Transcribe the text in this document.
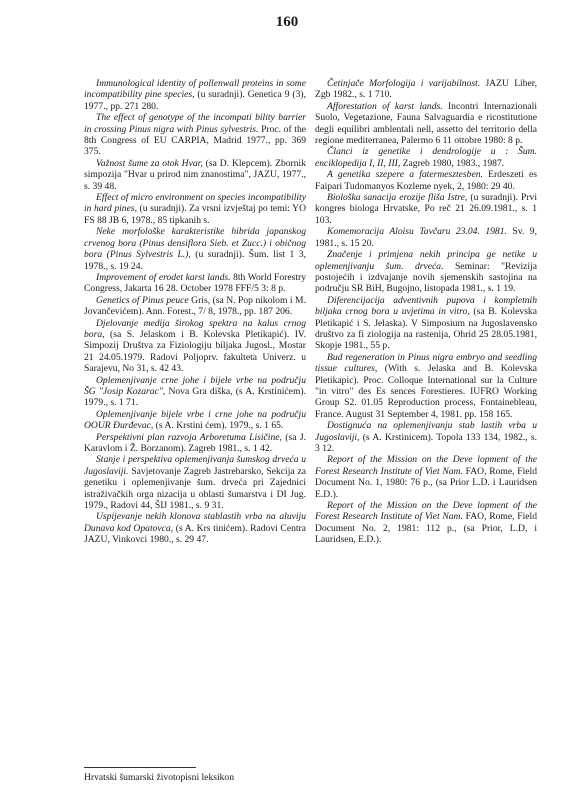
160

Immunological identity of pollenwall proteins in some incompatibility pine species, (u suradnji). Genetica 9 (3), 1977., pp. 271 280.

The effect of genotype of the incompati bility barrier in crossing Pinus nigra with Pinus sylvestris. Proc. of the 8th Congress of EU CARPIA, Madrid 1977., pp. 369 375.

Važnost šume za otok Hvar, (sa D. Klepcem). Zbornik simpozija "Hvar u prirod nim znanostima", JAZU, 1977., s. 39 48.

Effect of micro environment on species incompatibility in hard pines, (u suradnji). Za vrsni izvještaj po temi: YO FS 88 JB 6, 1978., 85 tipkanih s.

Neke morfološke karakteristike hibrida japanskog crvenog bora (Pinus densiflora Sieb. et Zucc.) i običnog bora (Pinus Sylvestris L.), (u suradnji). Šum. list 1 3, 1978., s. 19 24.

Improvement of erodet karst lands. 8th World Forestry Congress, Jakarta 16 28. October 1978 FFF/5 3: 8 p.

Genetics of Pinus peuce Gris, (sa N. Pop nikolom i M. Jovančevićem). Ann. Forest., 7/ 8, 1978., pp. 187 206.

Djelovanje medija širokog spektra na kalus crnog bora, (sa S. Jelaskom i B. Kolevska Pletikapić). IV. Simpozij Društva za Fiziologiju biljaka Jugosl., Mostar 21 24.05.1979. Radovi Poljoprv. fakulteta Univerz. u Sarajevu, No 31, s. 42 43.

Oplemenjivanje crne johe i bijele vrbe na području ŠG "Josip Kozarac", Nova Gra diška, (s A. Krstinićem). 1979., s. 1 71.

Oplemenjivanje bijele vrbe i crne johe na području OOUR Đurđevac, (s A. Krstini ćem). 1979., s. 1 65.

Perspektivni plan razvoja Arboretuma Lisičine, (sa J. Karavlom i Ž. Borzanom). Zagreb 1981., s. 1 42.

Stanje i perspektiva oplemenjivanja šumskog drveća u Jugoslaviji. Savjetovanje Zagreb Jastrebarsko, Sekcija za genetiku i oplemenjivanje šum. drveća pri Zajednici istraživačkih orga nizacija u oblasti šumarstva i DI Jug. 1979., Radovi 44, ŠIJ 1981., s. 9 31.

Uspijevanje nekih klonova stablastih vrba na aluviju Dunava kod Opatovca, (s A. Krs tinićem). Radovi Centra JAZU, Vinkovci 1980., s. 29 47.

Četinjače Morfologija i varijabilnost. JAZU Liber, Zgb 1982., s. 1 710.

Afforestation of karst lands. Incontri Internazionali Suolo, Vegetazione, Fauna Salvaguardia e ricostitutione degli equilibri amblentali nell, assetto del territorio della regione mediterranea, Palermo 6 11 ottobre 1980: 8 p.

Članci iz genetike i dendrologije u : Šum. enciklopedija I, II, III, Zagreb 1980, 1983., 1987.

A genetika szepere a fatermesztesben. Erdeszeti es Faipari Tudomanyos Kozleme nyek, 2, 1980: 29 40.

Biološka sanacija erozije fliša Istre, (u suradnji). Prvi kongres biologa Hrvatske, Po reč 21 26.09.1981., s. 1 103.

Komemoracija Aloisu Tavčaru 23.04. 1981. Sv. 9, 1981., s. 15 20.

Značenje i primjena nekih principa ge netike u oplemenjivanju šum. drveća. Seminar: "Revizija postojećih i izdvajanje novih sjemenskih sastojina na području SR BiH, Bugojno, listopada 1981., s. 1 19.

Diferencijacija adventivnih pupova i kompletnih biljaka crnog bora u uvjetima in vitro, (sa B. Kolevska Pletikapić i S. Jelaska). V Simposium na Jugoslavensko društvo za fi ziologija na rastenija, Ohrid 25 28.05.1981, Skopje 1981., 55 p.

Bud regeneration in Pinus nigra embryo and seedling tissue cultures, (With s. Jelaska and B. Kolevska Pletikapic). Proc. Colloque International sur la Culture "in vitro" des Es sences Forestieres. IUFRO Working Group S2. 01.05 Reproduction process, Fontainebleau, France. August 31 September 4, 1981. pp. 158 165.

Dostignuća na oplemenjivanju stab lastih vrba u Jugoslaviji, (s A. Krstinicem). Topola 133 134, 1982., s. 3 12.

Report of the Mission on the Deve lopment of the Forest Research Institute of Viet Nam. FAO, Rome, Field Document No. 1, 1980: 76 p., (sa Prior L.D. i Lauridsen E.D.).

Report of the Mission on the Deve lopment of the Forest Research Institute of Viet Nam. FAO, Rome, Field Document No. 2, 1981: 112 p., (sa Prior, L.D, i Lauridsen, E.D.).

Hrvatski šumarski životopisni leksikon
